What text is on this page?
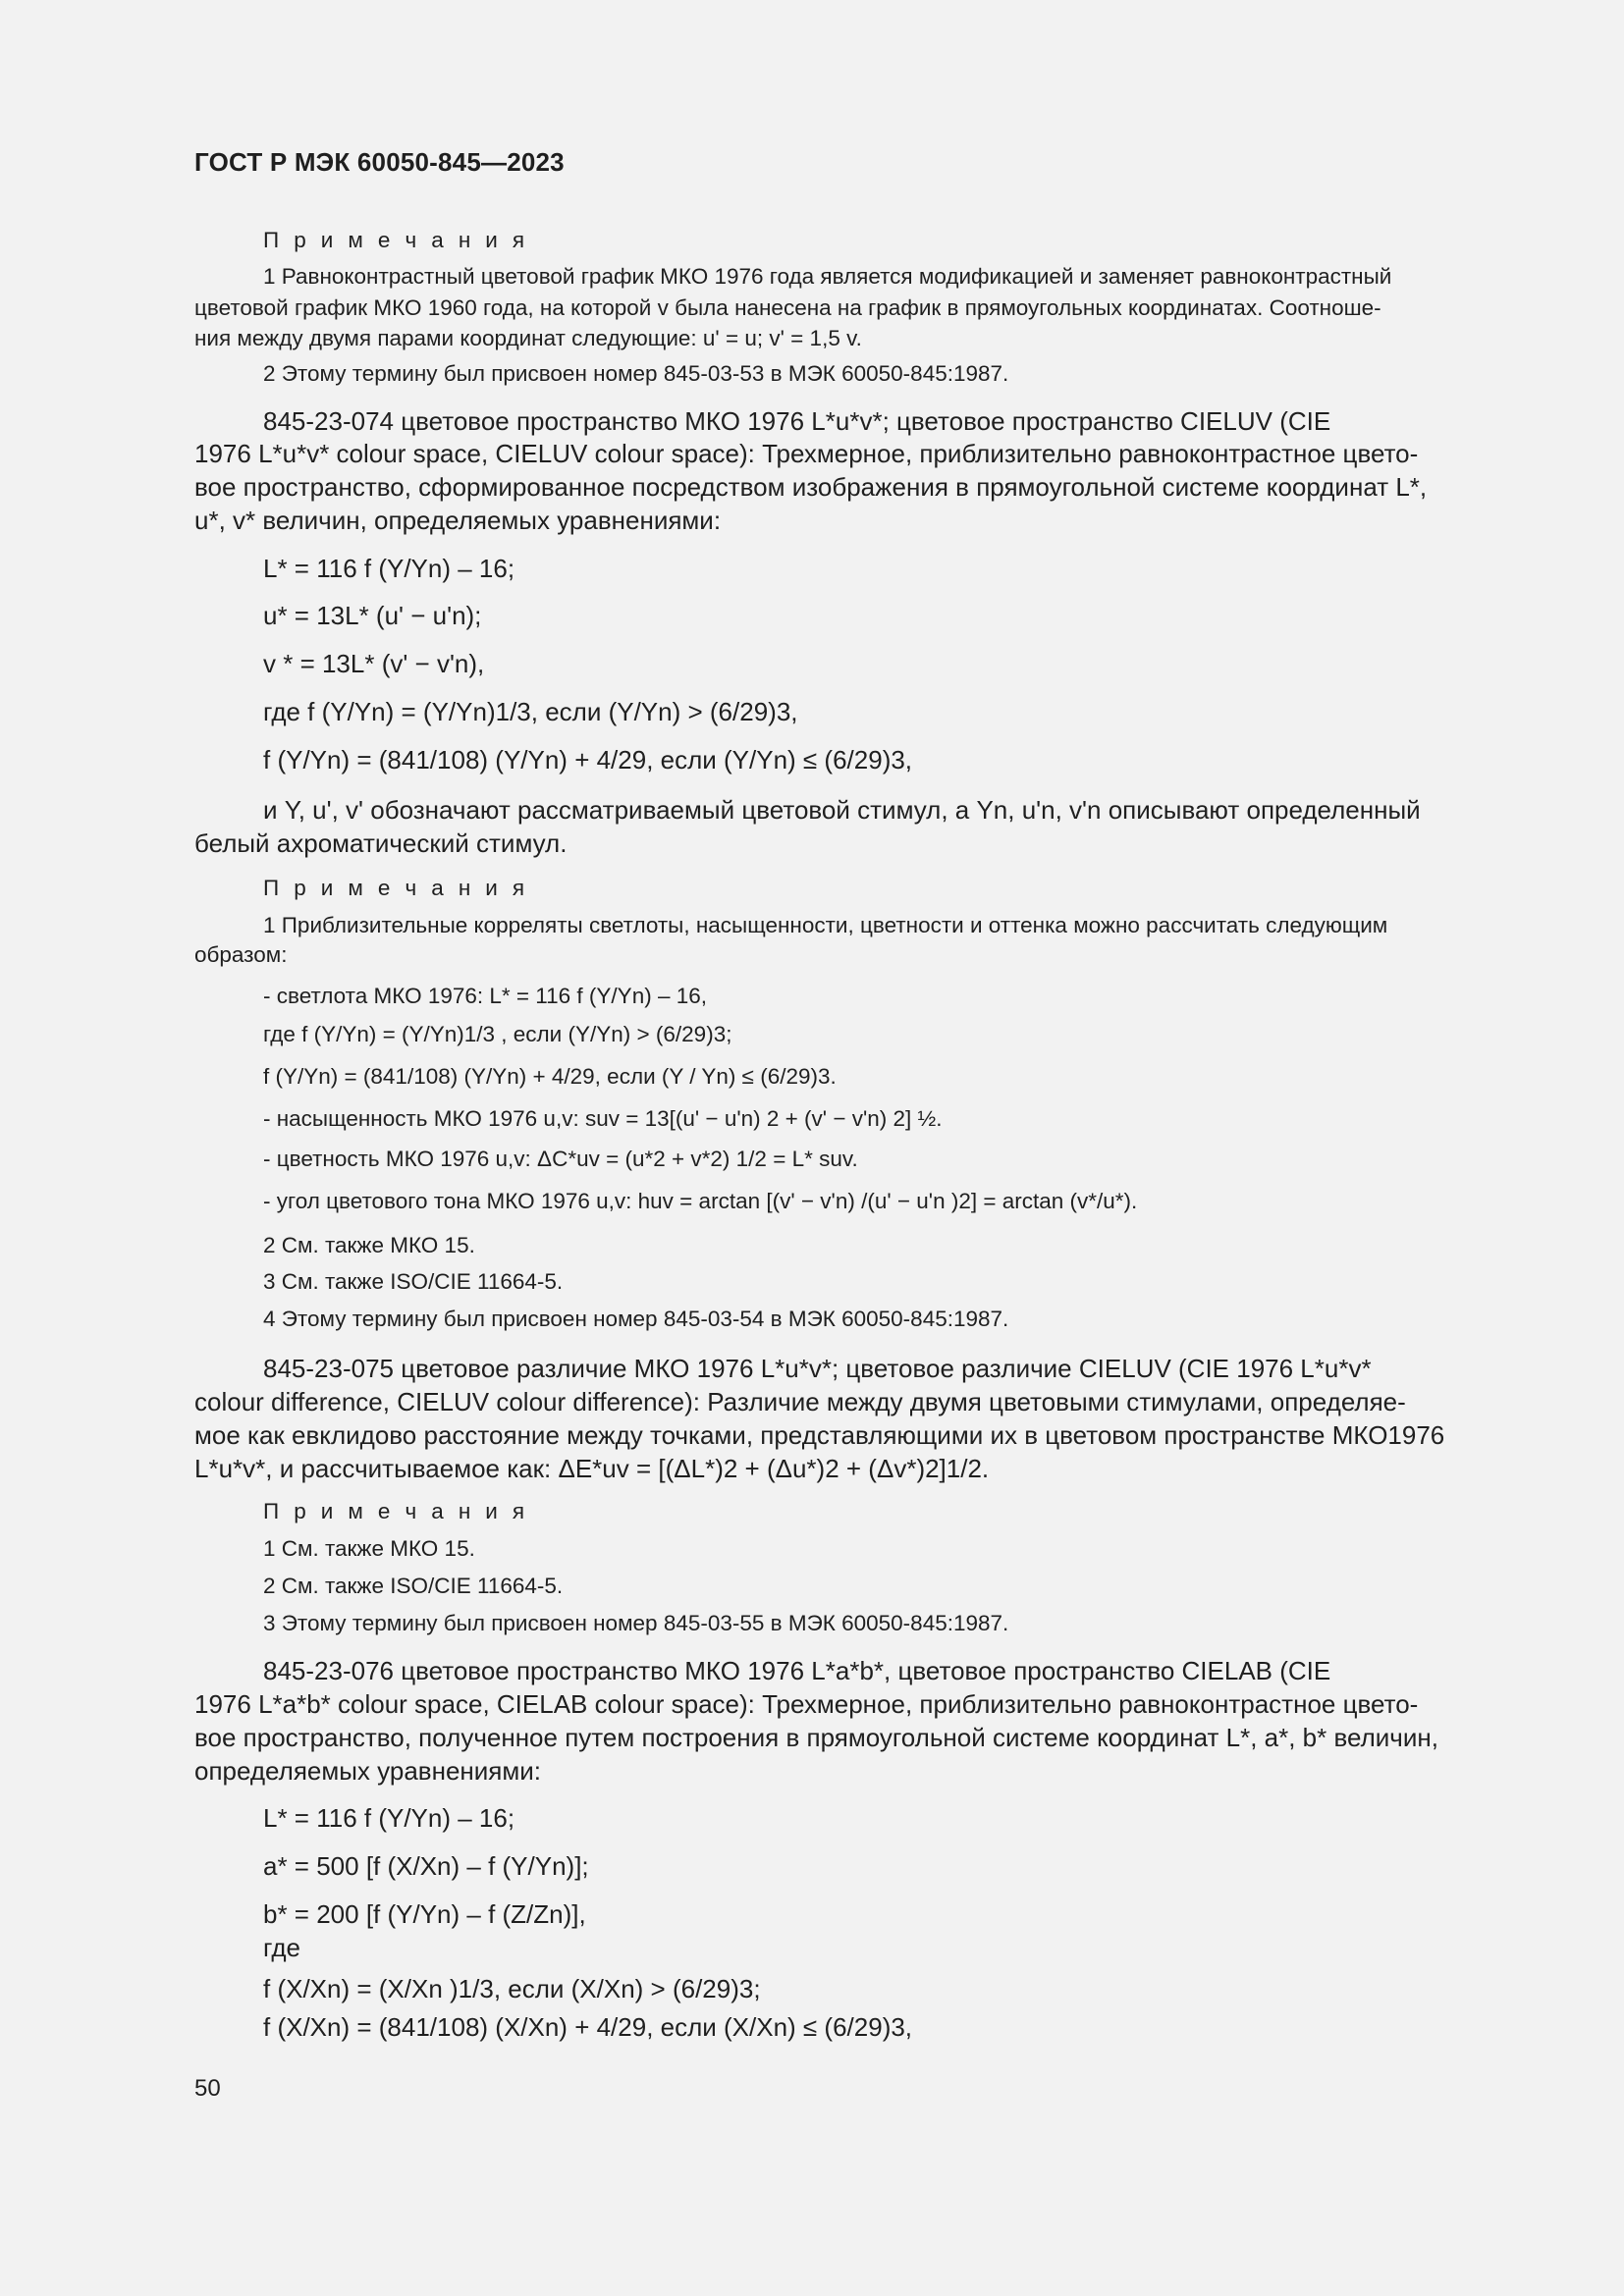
ГОСТ Р МЭК 60050-845—2023
П р и м е ч а н и я
1 Равноконтрастный цветовой график МКО 1976 года является модификацией и заменяет равноконтрастный
цветовой график МКО 1960 года, на которой v была нанесена на график в прямоугольных координатах. Соотноше-
ния между двумя парами координат следующие: u' = u; v' = 1,5 v.
2 Этому термину был присвоен номер 845-03-53 в МЭК 60050-845:1987.
845-23-074 цветовое пространство МКО 1976 L*u*v*; цветовое пространство CIELUV (CIE
1976 L*u*v* colour space, CIELUV colour space): Трехмерное, приблизительно равноконтрастное цвето-
вое пространство, сформированное посредством изображения в прямоугольной системе координат L*,
u*, v* величин, определяемых уравнениями:
L* = 116 f (Y/Yn) – 16;
u* = 13L* (u' − u'n);
v * = 13L* (v' − v'n),
где f (Y/Yn) = (Y/Yn)1/3, если (Y/Yn) > (6/29)3,
f (Y/Yn) = (841/108) (Y/Yn) + 4/29, если (Y/Yn) ≤ (6/29)3,
и Y, u', v' обозначают рассматриваемый цветовой стимул, а Yn, u'n, v'n описывают определенный
белый ахроматический стимул.
П р и м е ч а н и я
1 Приблизительные корреляты светлоты, насыщенности, цветности и оттенка можно рассчитать следующим
образом:
- светлота МКО 1976: L* = 116 f (Y/Yn) – 16,
где f (Y/Yn) = (Y/Yn)1/3 , если (Y/Yn) > (6/29)3;
f (Y/Yn) = (841/108) (Y/Yn) + 4/29, если (Y / Yn) ≤ (6/29)3.
- насыщенность МКО 1976 u,v: suv = 13[(u' − u'n) 2 + (v' − v'n) 2] ½.
- цветность МКО 1976 u,v: ΔC*uv = (u*2 + v*2) 1/2 = L* suv.
- угол цветового тона МКО 1976 u,v: huv = arctan [(v' − v'n) /(u' − u'n )2] = arctan (v*/u*).
2 См. также МКО 15.
3 См. также ISO/CIE 11664-5.
4 Этому термину был присвоен номер 845-03-54 в МЭК 60050-845:1987.
845-23-075 цветовое различие МКО 1976 L*u*v*; цветовое различие CIELUV (CIE 1976 L*u*v*
colour difference, CIELUV colour difference): Различие между двумя цветовыми стимулами, определяе-
мое как евклидово расстояние между точками, представляющими их в цветовом пространстве МКО1976
L*u*v*, и рассчитываемое как: ΔE*uv = [(ΔL*)2 + (Δu*)2 + (Δv*)2]1/2.
П р и м е ч а н и я
1 См. также МКО 15.
2 См. также ISO/CIE 11664-5.
3 Этому термину был присвоен номер 845-03-55 в МЭК 60050-845:1987.
845-23-076 цветовое пространство МКО 1976 L*a*b*, цветовое пространство CIELAB (CIE
1976 L*a*b* colour space, CIELAB colour space): Трехмерное, приблизительно равноконтрастное цвето-
вое пространство, полученное путем построения в прямоугольной системе координат L*, a*, b* величин,
определяемых уравнениями:
L* = 116 f (Y/Yn) – 16;
a* = 500 [f (X/Xn) – f (Y/Yn)];
b* = 200 [f (Y/Yn) – f (Z/Zn)],
где
f (X/Xn) = (X/Xn )1/3, если (X/Xn) > (6/29)3;
f (X/Xn) = (841/108) (X/Xn) + 4/29, если (X/Xn) ≤ (6/29)3,
50
